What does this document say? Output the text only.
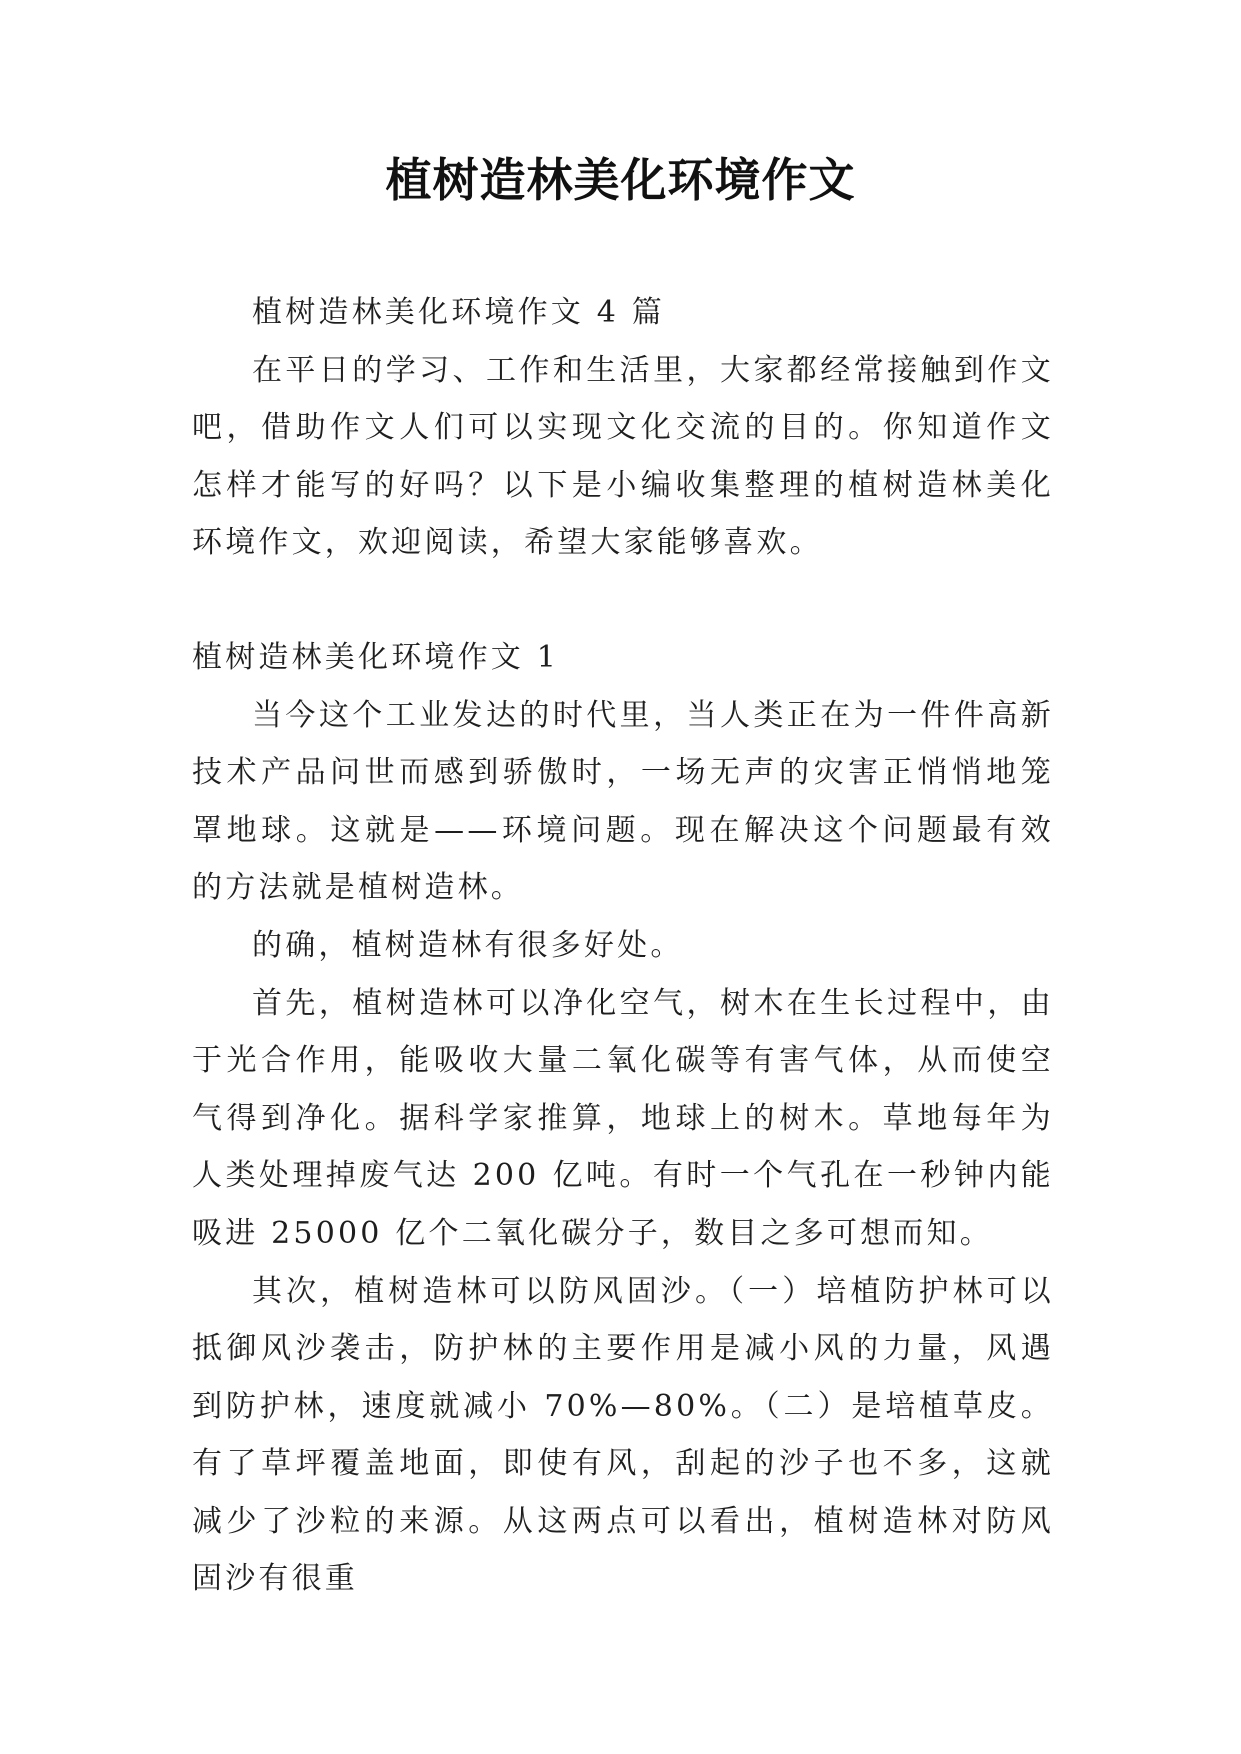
植树造林美化环境作文

植树造林美化环境作文 4 篇

在平日的学习、工作和生活里，大家都经常接触到作文吧，借助作文人们可以实现文化交流的目的。你知道作文怎样才能写的好吗？以下是小编收集整理的植树造林美化环境作文，欢迎阅读，希望大家能够喜欢。

植树造林美化环境作文 1

当今这个工业发达的时代里，当人类正在为一件件高新技术产品问世而感到骄傲时，一场无声的灾害正悄悄地笼罩地球。这就是——环境问题。现在解决这个问题最有效的方法就是植树造林。

的确，植树造林有很多好处。

首先，植树造林可以净化空气，树木在生长过程中，由于光合作用，能吸收大量二氧化碳等有害气体，从而使空气得到净化。据科学家推算，地球上的树木。草地每年为人类处理掉废气达 200 亿吨。有时一个气孔在一秒钟内能吸进 25000 亿个二氧化碳分子，数目之多可想而知。

其次，植树造林可以防风固沙。（一）培植防护林可以抵御风沙袭击，防护林的主要作用是减小风的力量，风遇到防护林，速度就减小 70%—80%。（二）是培植草皮。有了草坪覆盖地面，即使有风，刮起的沙子也不多，这就减少了沙粒的来源。从这两点可以看出，植树造林对防风固沙有很重
